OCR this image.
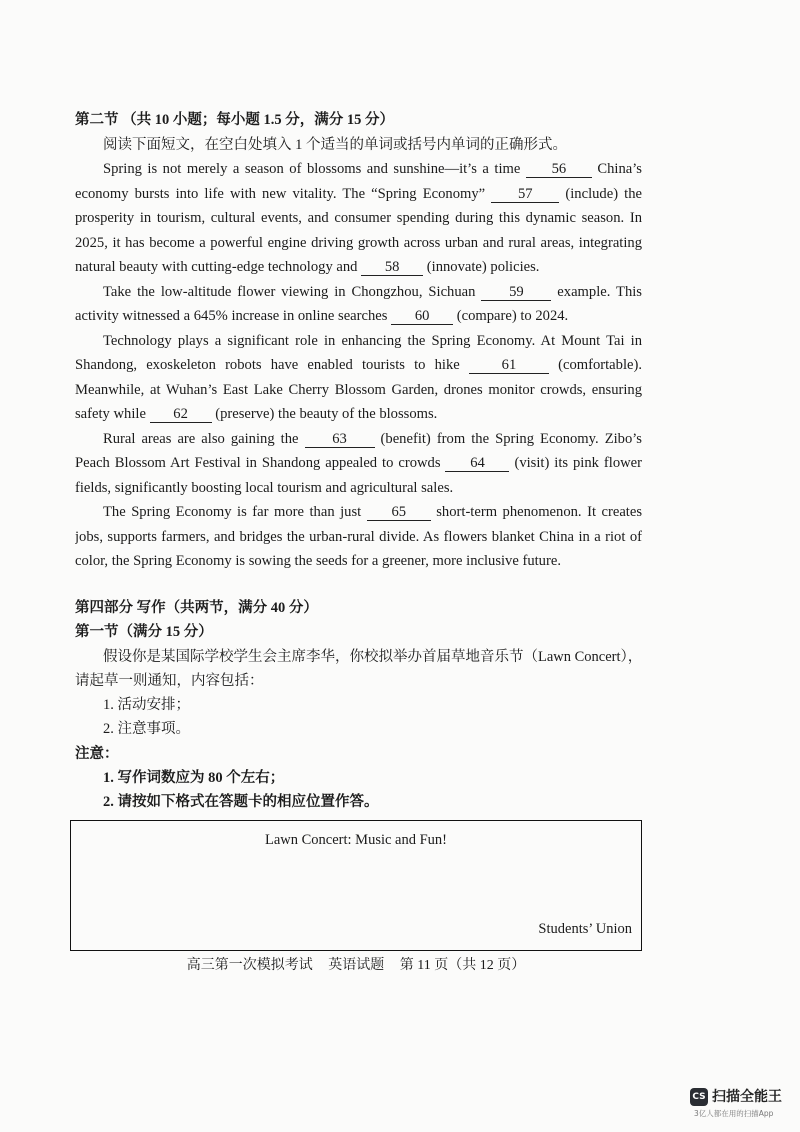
第二节 （共 10 小题；每小题 1.5 分，满分 15 分）
阅读下面短文，在空白处填入 1 个适当的单词或括号内单词的正确形式。
Spring is not merely a season of blossoms and sunshine—it’s a time 56 China’s
economy bursts into life with new vitality. The “Spring Economy” 57 (include) the
prosperity in tourism, cultural events, and consumer spending during this dynamic season. In
2025, it has become a powerful engine driving growth across urban and rural areas, integrating
natural beauty with cutting-edge technology and 58 (innovate) policies.
Take the low-altitude flower viewing in Chongzhou, Sichuan 59 example. This
activity witnessed a 645% increase in online searches 60 (compare) to 2024.
Technology plays a significant role in enhancing the Spring Economy. At Mount Tai in
Shandong, exoskeleton robots have enabled tourists to hike	61	(comfortable).
Meanwhile, at Wuhan’s East Lake Cherry Blossom Garden, drones monitor crowds, ensuring
safety while 62 (preserve) the beauty of the blossoms.
Rural areas are also gaining the 63 (benefit) from the Spring Economy. Zibo’s
Peach Blossom Art Festival in Shandong appealed to crowds 64 (visit) its pink flower
fields, significantly boosting local tourism and agricultural sales.
The Spring Economy is far more than just 65 short-term phenomenon. It creates
jobs, supports farmers, and bridges the urban-rural divide. As flowers blanket China in a riot of
color, the Spring Economy is sowing the seeds for a greener, more inclusive future.
第四部分 写作（共两节，满分 40 分）
第一节（满分 15 分）
假设你是某国际学校学生会主席李华，你校拟举办首届草地音乐节（Lawn Concert），
请起草一则通知，内容包括：
1. 活动安排；
2. 注意事项。
注意：
1. 写作词数应为 80 个左右；
2. 请按如下格式在答题卡的相应位置作答。
Lawn Concert: Music and Fun!
Students’ Union
高三第一次模拟考试 英语试题 第 11 页（共 12 页）
CS 扫描全能王
3亿人都在用的扫描App
